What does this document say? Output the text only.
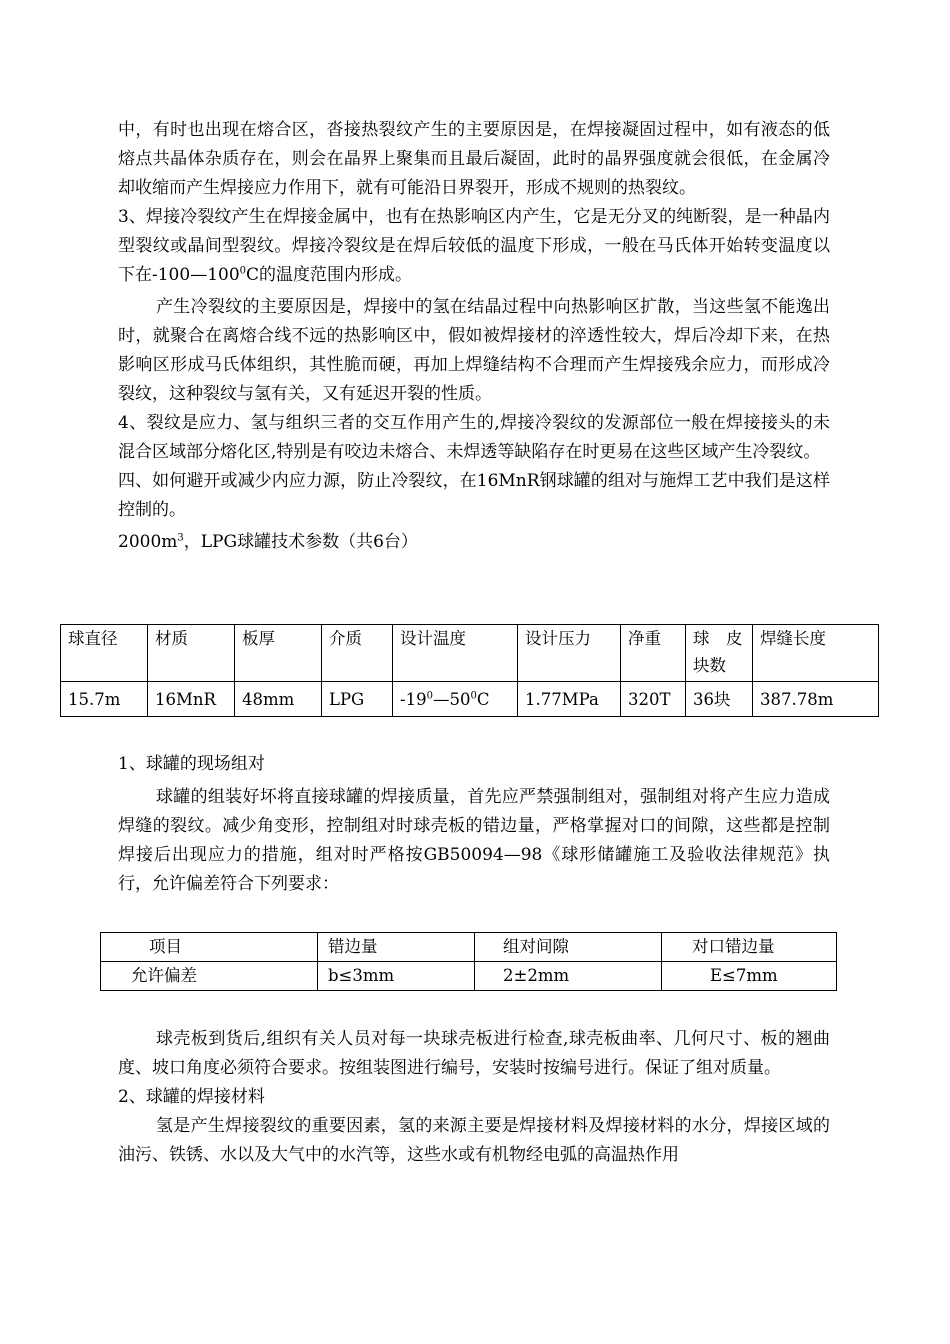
中，有时也出现在熔合区，沓接热裂纹产生的主要原因是，在焊接凝固过程中，如有液态的低熔点共晶体杂质存在，则会在晶界上聚集而且最后凝固，此时的晶界强度就会很低，在金属冷却收缩而产生焊接应力作用下，就有可能沿日界裂开，形成不规则的热裂纹。

3、焊接冷裂纹产生在焊接金属中，也有在热影响区内产生，它是无分叉的纯断裂，是一种晶内型裂纹或晶间型裂纹。焊接冷裂纹是在焊后较低的温度下形成，一般在马氏体开始转变温度以下在$-100—100^0C$的温度范围内形成。

产生冷裂纹的主要原因是，焊接中的氢在结晶过程中向热影响区扩散，当这些氢不能逸出时，就聚合在离熔合线不远的热影响区中，假如被焊接材的淬透性较大，焊后冷却下来，在热影响区形成马氏体组织，其性脆而硬，再加上焊缝结构不合理而产生焊接残余应力，而形成冷裂纹，这种裂纹与氢有关，又有延迟开裂的性质。

4、裂纹是应力、氢与组织三者的交互作用产生的,焊接冷裂纹的发源部位一般在焊接接头的未混合区域部分熔化区,特别是有咬边未熔合、未焊透等缺陷存在时更易在这些区域产生冷裂纹。

四、如何避开或减少内应力源，防止冷裂纹，在16MnR钢球罐的组对与施焊工艺中我们是这样控制的。

$2000m^3$，LPG球罐技术参数（共6台）

球直径	材质	板厚	介质	设计温度	设计压力	净重	球　皮块数	焊缝长度
15.7m	16MnR	48mm	LPG	$-19^0—50^0C$	1.77MPa	320T	36块	387.78m

1、球罐的现场组对

球罐的组装好坏将直接球罐的焊接质量，首先应严禁强制组对，强制组对将产生应力造成焊缝的裂纹。减少角变形，控制组对时球壳板的错边量，严格掌握对口的间隙，这些都是控制焊接后出现应力的措施，组对时严格按GB50094—98《球形储罐施工及验收法律规范》执行，允许偏差符合下列要求：

项目	错边量	组对间隙	对口错边量
允许偏差	b≤3mm	2±2mm	E≤7mm

球壳板到货后,组织有关人员对每一块球壳板进行检查,球壳板曲率、几何尺寸、板的翘曲度、坡口角度必须符合要求。按组装图进行编号，安装时按编号进行。保证了组对质量。

2、球罐的焊接材料

氢是产生焊接裂纹的重要因素，氢的来源主要是焊接材料及焊接材料的水分，焊接区域的油污、铁锈、水以及大气中的水汽等，这些水或有机物经电弧的高温热作用
